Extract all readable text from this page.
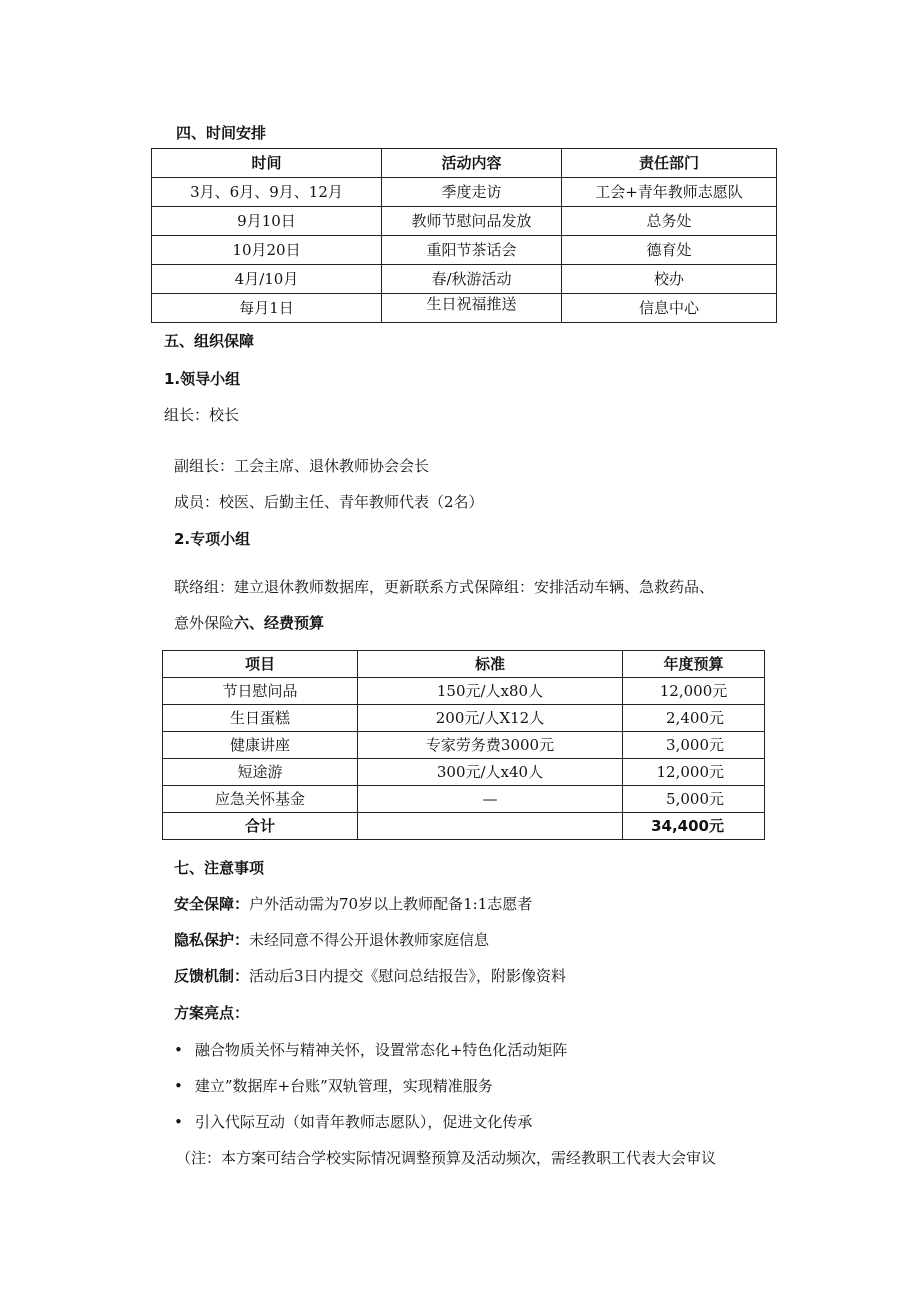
四、时间安排
时间	活动内容	责任部门
3月、6月、9月、12月	季度走访	工会+青年教师志愿队
9月10日	教师节慰问品发放	总务处
10月20日	重阳节茶话会	德育处
4月/10月	春/秋游活动	校办
每月1日	生日祝福推送	信息中心
五、组织保障
1.领导小组
组长：校长
副组长：工会主席、退休教师协会会长
成员：校医、后勤主任、青年教师代表（2名）
2.专项小组
联络组：建立退休教师数据库，更新联系方式保障组：安排活动车辆、急救药品、
意外保险六、经费预算
项目	标准	年度预算
节日慰问品	150元/人x80人	12,000元
生日蛋糕	200元/人X12人	2,400元
健康讲座	专家劳务费3000元	3,000元
短途游	300元/人x40人	12,000元
应急关怀基金	—	5,000元
合计		34,400元
七、注意事项
安全保障：户外活动需为70岁以上教师配备1:1志愿者
隐私保护：未经同意不得公开退休教师家庭信息
反馈机制：活动后3日内提交《慰问总结报告》，附影像资料
方案亮点：
• 融合物质关怀与精神关怀，设置常态化+特色化活动矩阵
• 建立”数据库+台账”双轨管理，实现精准服务
• 引入代际互动（如青年教师志愿队），促进文化传承
（注：本方案可结合学校实际情况调整预算及活动频次，需经教职工代表大会审议
